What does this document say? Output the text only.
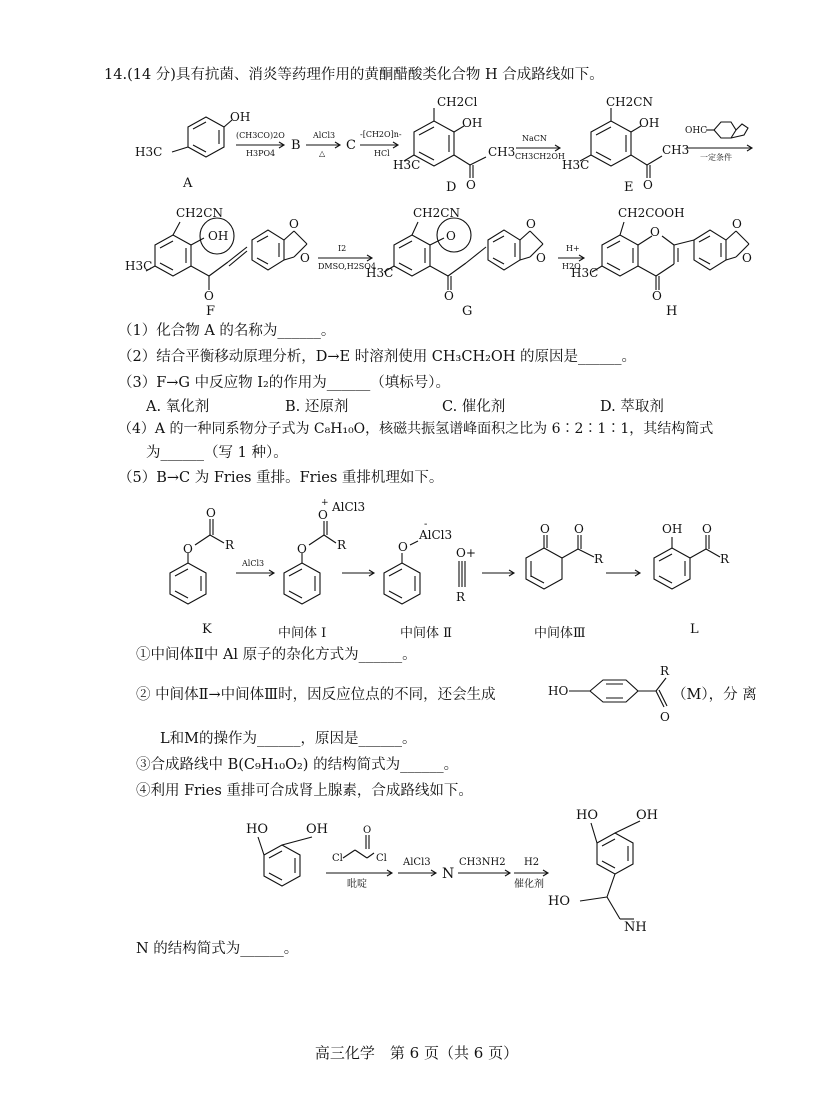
14.(14 分)具有抗菌、消炎等药理作用的黄酮醋酸类化合物 H 合成路线如下。
OH
H3C
(CH3CO)2O
H3PO4
B
AlCl3
△
C
-[CH2O]n-
HCl
CH2Cl
OH
H3C
O
CH3
D
NaCN
CH3CH2OH
CH2CN
OH
H3C
O
CH3
E
OHC
一定条件
CH2CN
H3C
OH
O
O
O
F
I2
DMSO,H2SO4
CH2CN
H3C
O
O
O
O
G
H+
H2O
CH2COOH
H3C
O
O
O
O
H
A
（1）化合物 A 的名称为______。
（2）结合平衡移动原理分析，D→E 时溶剂使用 CH₃CH₂OH 的原因是______。
（3）F→G 中反应物 I₂的作用为______（填标号）。
A. 氧化剂	B. 还原剂	C. 催化剂	D. 萃取剂
（4）A 的一种同系物分子式为 C₈H₁₀O，核磁共振氢谱峰面积之比为 6∶2∶1∶1，其结构简式
为______（写 1 种）。
（5）B→C 为 Fries 重排。Fries 重排机理如下。
O
O
R
AlCl3
O
O
AlCl3
+
R	O
AlCl3
-
O+
R
O O
R
OH O
R
K	中间体 Ⅰ	中间体 Ⅱ	中间体Ⅲ	L
①中间体Ⅱ中 Al 原子的杂化方式为______。
② 中间体Ⅱ→中间体Ⅲ时，因反应位点的不同，还会生成	HO
R
O
（M），分 离
L和M的操作为______，原因是______。
③合成路线中 B(C₉H₁₀O₂) 的结构简式为______。
④利用 Fries 重排可合成肾上腺素，合成路线如下。
HO	OH
Cl
O
Cl
吡啶
AlCl3
N
CH3NH2 H2
催化剂
HO	OH
HO
NH
N 的结构简式为______。
高三化学　第 6 页（共 6 页）
